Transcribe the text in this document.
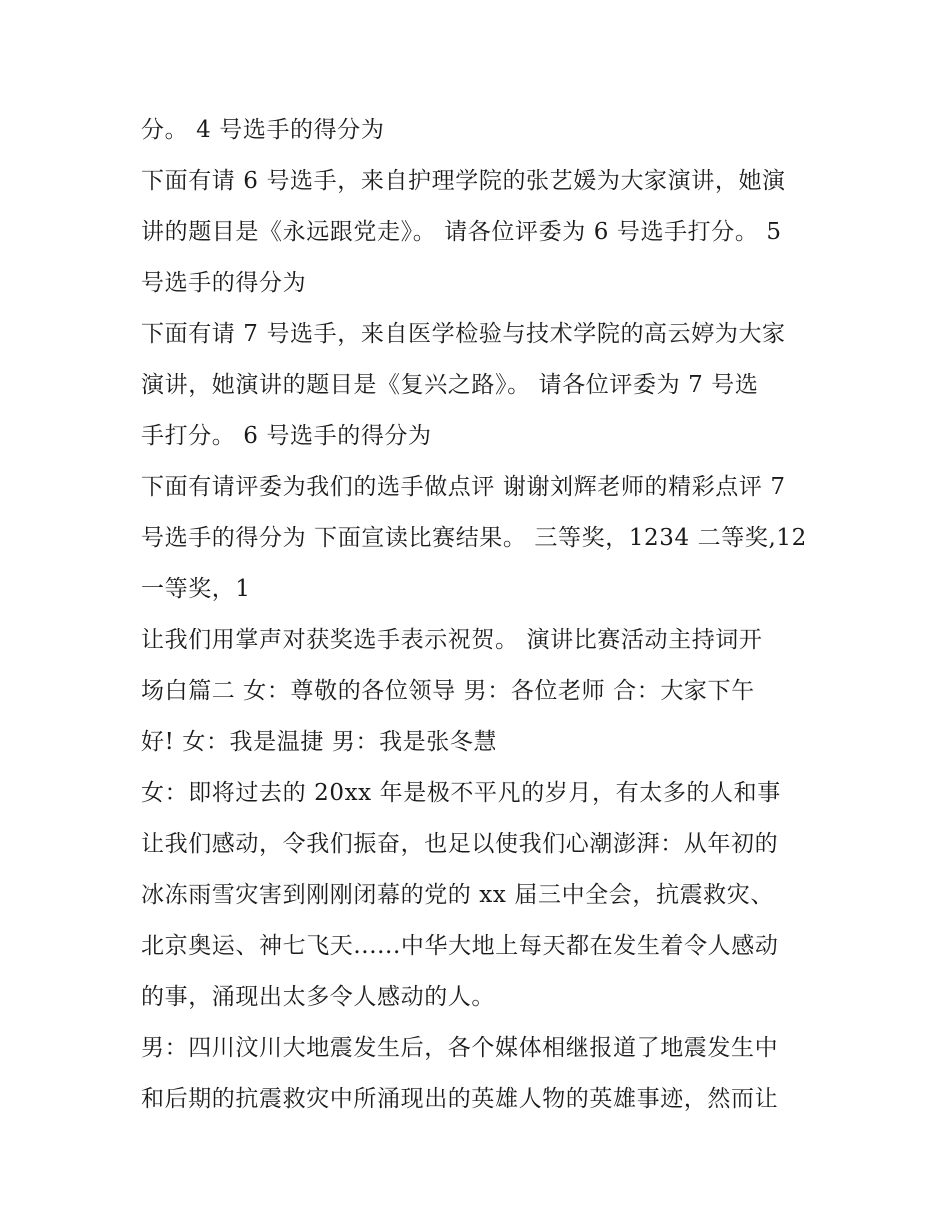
分。 4 号选手的得分为
下面有请 6 号选手，来自护理学院的张艺媛为大家演讲，她演
讲的题目是《永远跟党走》。 请各位评委为 6 号选手打分。 5
号选手的得分为
下面有请 7 号选手，来自医学检验与技术学院的高云婷为大家
演讲，她演讲的题目是《复兴之路》。 请各位评委为 7 号选
手打分。 6 号选手的得分为
下面有请评委为我们的选手做点评 谢谢刘辉老师的精彩点评 7
号选手的得分为 下面宣读比赛结果。 三等奖，1234 二等奖,12
一等奖，1
让我们用掌声对获奖选手表示祝贺。 演讲比赛活动主持词开
场白篇二 女：尊敬的各位领导 男：各位老师 合：大家下午
好! 女：我是温捷 男：我是张冬慧
女：即将过去的 20xx 年是极不平凡的岁月，有太多的人和事
让我们感动，令我们振奋，也足以使我们心潮澎湃：从年初的
冰冻雨雪灾害到刚刚闭幕的党的 xx 届三中全会，抗震救灾、
北京奥运、神七飞天......中华大地上每天都在发生着令人感动
的事，涌现出太多令人感动的人。
男：四川汶川大地震发生后，各个媒体相继报道了地震发生中
和后期的抗震救灾中所涌现出的英雄人物的英雄事迹，然而让
